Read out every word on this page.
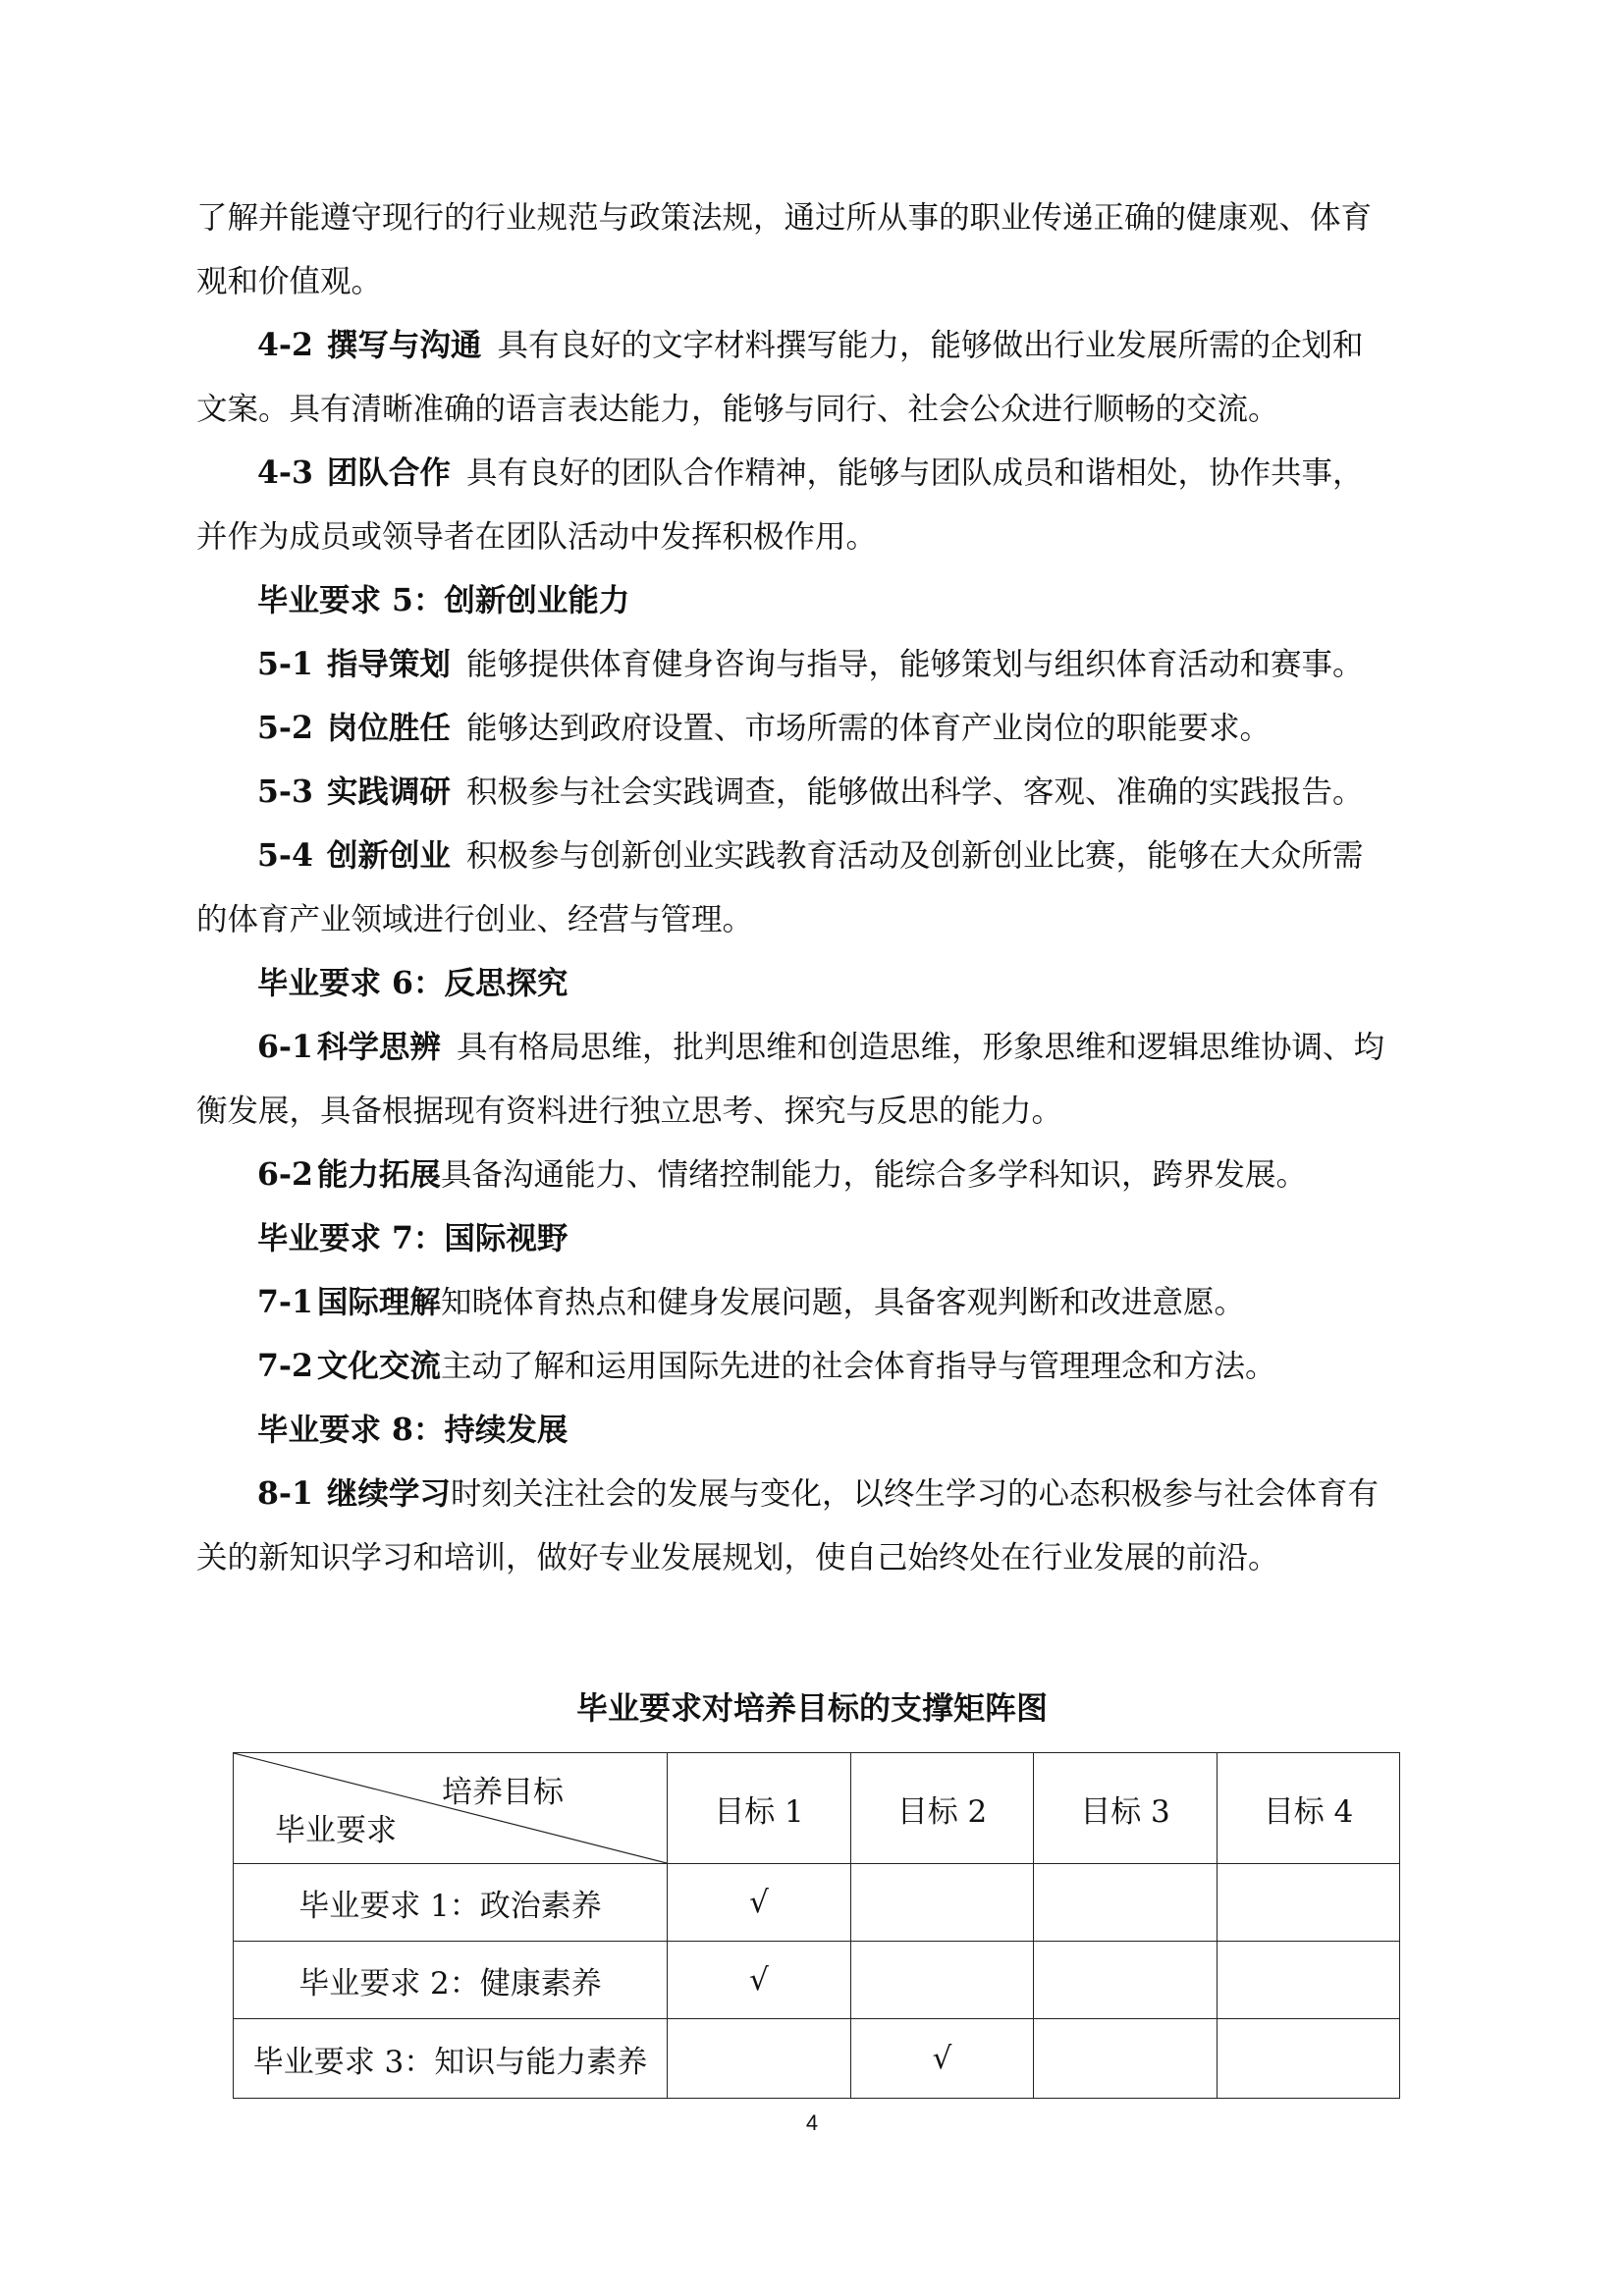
了解并能遵守现行的行业规范与政策法规，通过所从事的职业传递正确的健康观、体育
观和价值观。
4-2 撰写与沟通 具有良好的文字材料撰写能力，能够做出行业发展所需的企划和
文案。具有清晰准确的语言表达能力，能够与同行、社会公众进行顺畅的交流。
4-3 团队合作 具有良好的团队合作精神，能够与团队成员和谐相处，协作共事，
并作为成员或领导者在团队活动中发挥积极作用。
毕业要求 5：创新创业能力
5-1 指导策划 能够提供体育健身咨询与指导，能够策划与组织体育活动和赛事。
5-2 岗位胜任 能够达到政府设置、市场所需的体育产业岗位的职能要求。
5-3 实践调研 积极参与社会实践调查，能够做出科学、客观、准确的实践报告。
5-4 创新创业 积极参与创新创业实践教育活动及创新创业比赛，能够在大众所需
的体育产业领域进行创业、经营与管理。
毕业要求 6：反思探究
6-1 科学思辨 具有格局思维，批判思维和创造思维，形象思维和逻辑思维协调、均
衡发展，具备根据现有资料进行独立思考、探究与反思的能力。
6-2 能力拓展具备沟通能力、情绪控制能力，能综合多学科知识，跨界发展。
毕业要求 7：国际视野
7-1 国际理解知晓体育热点和健身发展问题，具备客观判断和改进意愿。
7-2 文化交流主动了解和运用国际先进的社会体育指导与管理理念和方法。
毕业要求 8：持续发展
8-1 继续学习时刻关注社会的发展与变化，以终生学习的心态积极参与社会体育有
关的新知识学习和培训，做好专业发展规划，使自己始终处在行业发展的前沿。
毕业要求对培养目标的支撑矩阵图
培养目标
毕业要求	目标 1	目标 2	目标 3	目标 4
毕业要求 1：政治素养	√			
毕业要求 2：健康素养	√			
毕业要求 3：知识与能力素养		√		
4
